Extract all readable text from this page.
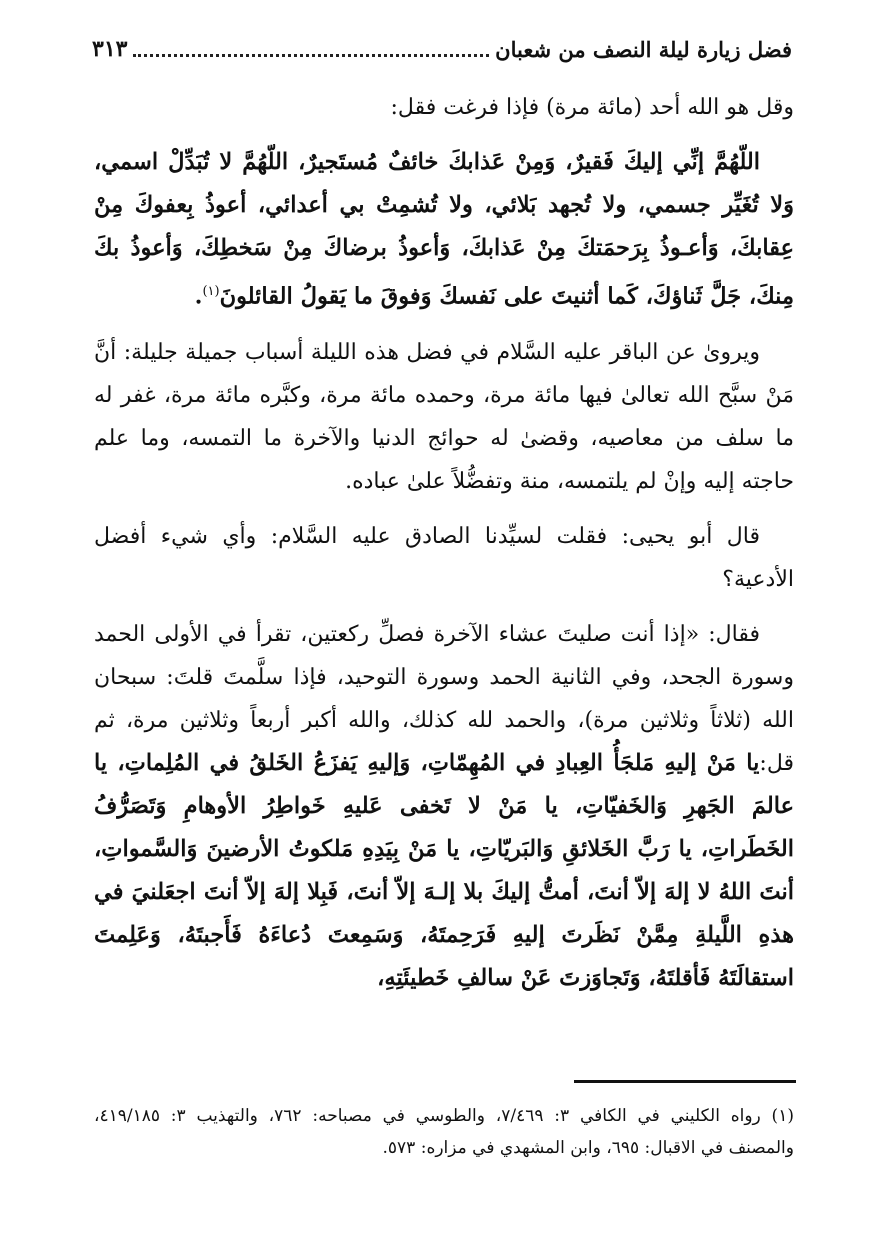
فضل زيارة ليلة النصف من شعبان
٣١٣

وقل هو الله أحد (مائة مرة) فإذا فرغت فقل:

اللّهُمَّ إنِّي إليكَ فَقيرٌ، وَمِنْ عَذابكَ خائفٌ مُستَجيرٌ، اللّهُمَّ لا تُبَدِّلْ اسمي، وَلا تُغَيِّر جسمي، ولا تُجهد بَلائي، ولا تُشمِتْ بي أعدائي، أعوذُ بِعفوكَ مِنْ عِقابكَ، وَأعـوذُ بِرَحمَتكَ مِنْ عَذابكَ، وَأعوذُ برضاكَ مِنْ سَخطِكَ، وَأعوذُ بكَ مِنكَ، جَلَّ ثَناؤكَ، كَما أثنيتَ على نَفسكَ وَفوقَ ما يَقولُ القائلونَ$^{(١)}$.

ويروىٰ عن الباقر عليه السَّلام في فضل هذه الليلة أسباب جميلة جليلة: أنَّ مَنْ سبَّح الله تعالىٰ فيها مائة مرة، وحمده مائة مرة، وكبَّره مائة مرة، غفر له ما سلف من معاصيه، وقضىٰ له حوائج الدنيا والآخرة ما التمسه، وما علم حاجته إليه وإنْ لم يلتمسه، منة وتفضُّلاً علىٰ عباده.

قال أبو يحيى: فقلت لسيِّدنا الصادق عليه السَّلام: وأي شيء أفضل الأدعية؟

فقال: «إذا أنت صليتَ عشاء الآخرة فصلِّ ركعتين، تقرأ في الأولى الحمد وسورة الجحد، وفي الثانية الحمد وسورة التوحيد، فإذا سلَّمتَ قلتَ: سبحان الله (ثلاثاً وثلاثين مرة)، والحمد لله كذلك، والله أكبر أربعاً وثلاثين مرة، ثم قل:يا مَنْ إليهِ مَلجَأُ العِبادِ في المُهِمّاتِ، وَإليهِ يَفزَعُ الخَلقُ في المُلِماتِ، يا عالمَ الجَهرِ وَالخَفيّاتِ، يا مَنْ لا تَخفى عَليهِ خَواطِرُ الأوهامِ وَتَصَرُّفُ الخَطَراتِ، يا رَبَّ الخَلائقِ وَالبَريّاتِ، يا مَنْ بِيَدِهِ مَلكوتُ الأرضينَ وَالسَّمواتِ، أنتَ اللهُ لا إلهَ إلاّ أنتَ، أمتُّ إليكَ بلا إلـهَ إلاّ أنتَ، فَبِلا إلهَ إلاّ أنتَ اجعَلنيَ في هذهِ اللَّيلةِ مِمَّنْ نَظَرتَ إليهِ فَرَحِمتَهُ، وَسَمِعتَ دُعاءَهُ فَأَجبتَهُ، وَعَلِمتَ استقالَتَهُ فَأقلتَهُ، وَتَجاوَزتَ عَنْ سالفِ خَطيئَتِهِ،

(١) رواه الكليني في الكافي ٣: ٧/٤٦٩، والطوسي في مصباحه: ٧٦٢، والتهذيب ٣: ٤١٩/١٨٥، والمصنف في الاقبال: ٦٩٥، وابن المشهدي في مزاره: ٥٧٣.
